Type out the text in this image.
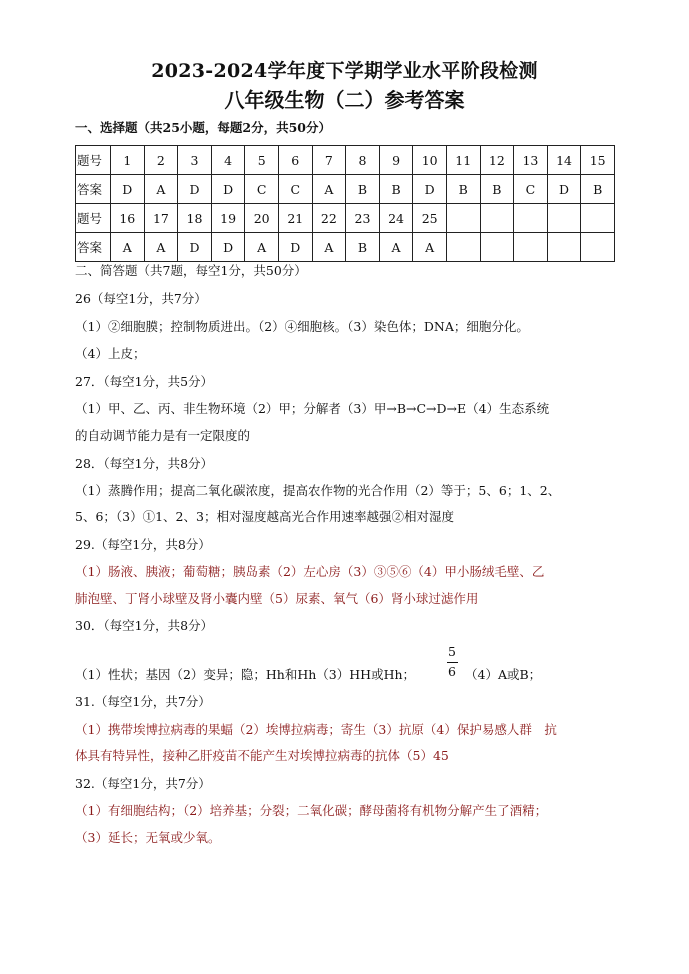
2023-2024学年度下学期学业水平阶段检测
八年级生物（二）参考答案
一、选择题（共25小题，每题2分，共50分）
题号	1	2	3	4	5	6	7	8	9	10	11	12	13	14	15
答案	D	A	D	D	C	C	A	B	B	D	B	B	C	D	B
题号	16	17	18	19	20	21	22	23	24	25					
答案	A	A	D	D	A	D	A	B	A	A					
二、简答题（共7题，每空1分，共50分）
26（每空1分，共7分）
（1）②细胞膜；控制物质进出。（2）④细胞核。（3）染色体；DNA；细胞分化。
（4）上皮；
27．（每空1分，共5分）
（1）甲、乙、丙、非生物环境（2）甲；分解者（3）甲→B→C→D→E（4）生态系统
的自动调节能力是有一定限度的
28．（每空1分，共8分）
（1）蒸腾作用；提高二氧化碳浓度，提高农作物的光合作用（2）等于；5、6；1、2、
5、6；（3）①1、2、3；相对湿度越高光合作用速率越强②相对湿度
29.（每空1分，共8分）
（1）肠液、胰液；葡萄糖；胰岛素（2）左心房（3）③⑤⑥（4）甲小肠绒毛壁、乙
肺泡壁、丁肾小球壁及肾小囊内壁（5）尿素、氧气（6）肾小球过滤作用
30．（每空1分，共8分）
（1）性状；基因（2）变异；隐；Hh和Hh（3）HH或Hh；
5
6 （4）A或B；
31.（每空1分，共7分）
（1）携带埃博拉病毒的果蝠（2）埃博拉病毒；寄生（3）抗原（4）保护易感人群　抗
体具有特异性，接种乙肝疫苗不能产生对埃博拉病毒的抗体（5）45
32.（每空1分，共7分）
（1）有细胞结构；（2）培养基；分裂；二氧化碳；酵母菌将有机物分解产生了酒精；
（3）延长；无氧或少氧。
